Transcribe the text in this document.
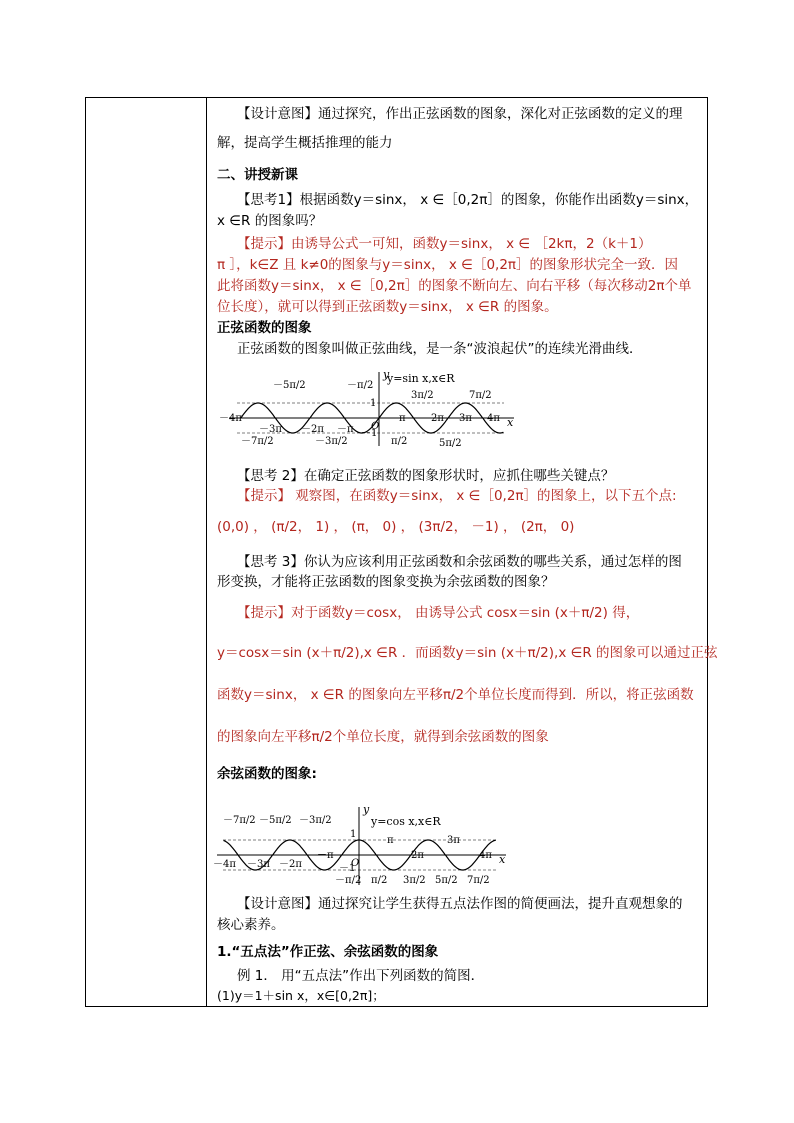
【设计意图】通过探究，作出正弦函数的图象，深化对正弦函数的定义的理
解，提高学生概括推理的能力
二、讲授新课
【思考1】根据函数y＝sinx， x ∈［0,2π］的图象，你能作出函数y＝sinx，
x ∈R 的图象吗？
【提示】由诱导公式一可知，函数y＝sinx， x ∈ ［2kπ，2（k＋1）
π ］，k∈Z 且 k≠0的图象与y＝sinx， x ∈［0,2π］的图象形状完全一致．因
此将函数y＝sinx， x ∈［0,2π］的图象不断向左、向右平移（每次移动2π个单
位长度），就可以得到正弦函数y＝sinx， x ∈R 的图象。
正弦函数的图象
正弦函数的图象叫做正弦曲线，是一条“波浪起伏”的连续光滑曲线．
y=sin x,x∈R
x
y
－4π
－3π －2π －π O
π	2π 3π 4π
1
－1
－5π/2	－π/2
3π/2	7π/2
－7π/2	－3π/2	π/2	5π/2
【思考 2】在确定正弦函数的图象形状时，应抓住哪些关键点？
【提示】 观察图，在函数y＝sinx， x ∈［0,2π］的图象上，以下五个点:
(0,0) ， (π/2， 1) ， (π， 0) ， (3π/2， －1) ， (2π， 0)
【思考 3】你认为应该利用正弦函数和余弦函数的哪些关系，通过怎样的图
形变换，才能将正弦函数的图象变换为余弦函数的图象？
【提示】对于函数y＝cosx， 由诱导公式 cosx＝sin (x＋π/2) 得，
y＝cosx＝sin (x＋π/2),x ∈R ．而函数y＝sin (x＋π/2),x ∈R 的图象可以通过正弦
函数y＝sinx， x ∈R 的图象向左平移π/2个单位长度而得到．所以，将正弦函数
的图象向左平移π/2个单位长度，就得到余弦函数的图象
余弦函数的图象:
y=cos x,x∈R
x
y
－4π －3π －2π
－π
O
π
2π
3π
4π
1
－1
－7π/2 －5π/2 －3π/2
－π/2 π/2 3π/2 5π/2 7π/2
【设计意图】通过探究让学生获得五点法作图的简便画法，提升直观想象的
核心素养。
1.“五点法”作正弦、余弦函数的图象
例 1． 用“五点法”作出下列函数的简图．
(1)y＝1＋sin x，x∈[0,2π]；
